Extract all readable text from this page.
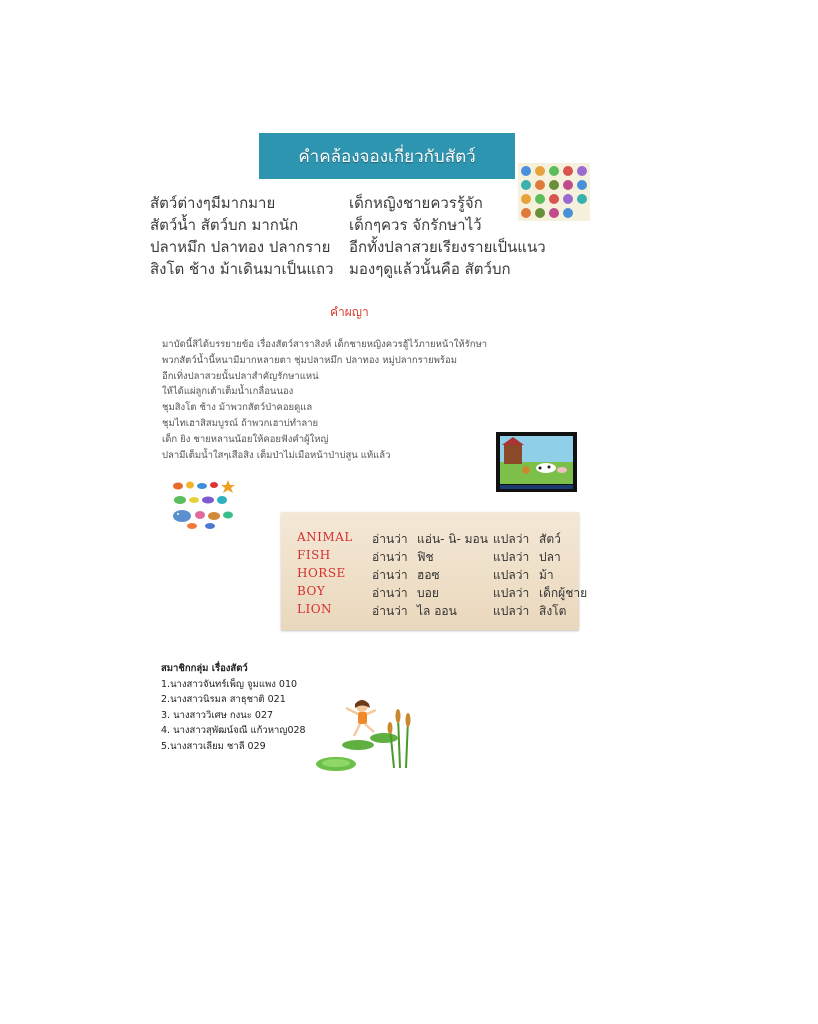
คำคล้องจองเกี่ยวกับสัตว์
สัตว์ต่างๆมีมากมาย
สัตว์น้ำ สัตว์บก มากนัก
ปลาหมึก ปลาทอง ปลากราย
สิงโต ช้าง ม้าเดินมาเป็นแถว
เด็กหญิงชายควรรู้จัก
เด็กๆควร จักรักษาไว้
อีกทั้งปลาสวยเรียงรายเป็นแนว
มองๆดูแล้วนั้นคือ สัตว์บก
คำผญา
มาบัดนี้สิได้บรรยายข้อ เรื่องสัตว์สาราสิงห์ เด็กชายหญิงควรฮู้ไว้ภายหน้าให้รักษา
พวกสัตว์น้ำนี้หนามีมากหลายตา ชุ่มปลาหมึก ปลาทอง หมู่ปลากรายพร้อม
อีกเทิ่งปลาสวยนั้นปลาสำคัญรักษาแหน่
ให้ได้แผ่ลูกเต้าเต็มน้ำเกลื่อนนอง
ชุมสิงโต ช้าง ม้าพวกสัตว์ป่าคอยดูแล
ชุมไทเฮาสิสมบูรณ์ ถ้าพวกเฮาบ่ทำลาย
เด็ก ยิง ชายหลานน้อยให้คอยฟังคำผู้ใหญ่
ปลามีเต็มน้ำใสๆเสือสิง เต็มป่าไม่เมือหน้าป่าบ่สูน แท้แล้ว
ANIMAL อ่านว่า แอ่น- นิ- มอน แปลว่า สัตว์
FISH	อ่านว่า ฟิช	แปลว่า ปลา
HORSE อ่านว่า ฮอซ	แปลว่า ม้า
BOY	อ่านว่า บอย	แปลว่า เด็กผู้ชาย
LION	อ่านว่า ไล ออน	แปลว่า สิงโต
สมาชิกกลุ่ม เรื่องสัตว์
1.นางสาวจันทร์เพ็ญ จูมแพง 010
2.นางสาวนิรมล สาธุชาติ 021
3. นางสาววิเศษ กงนะ 027
4. นางสาวสุพัฒน์จณี แก้วหาญ028
5.นางสาวเลียม ชาลี 029
